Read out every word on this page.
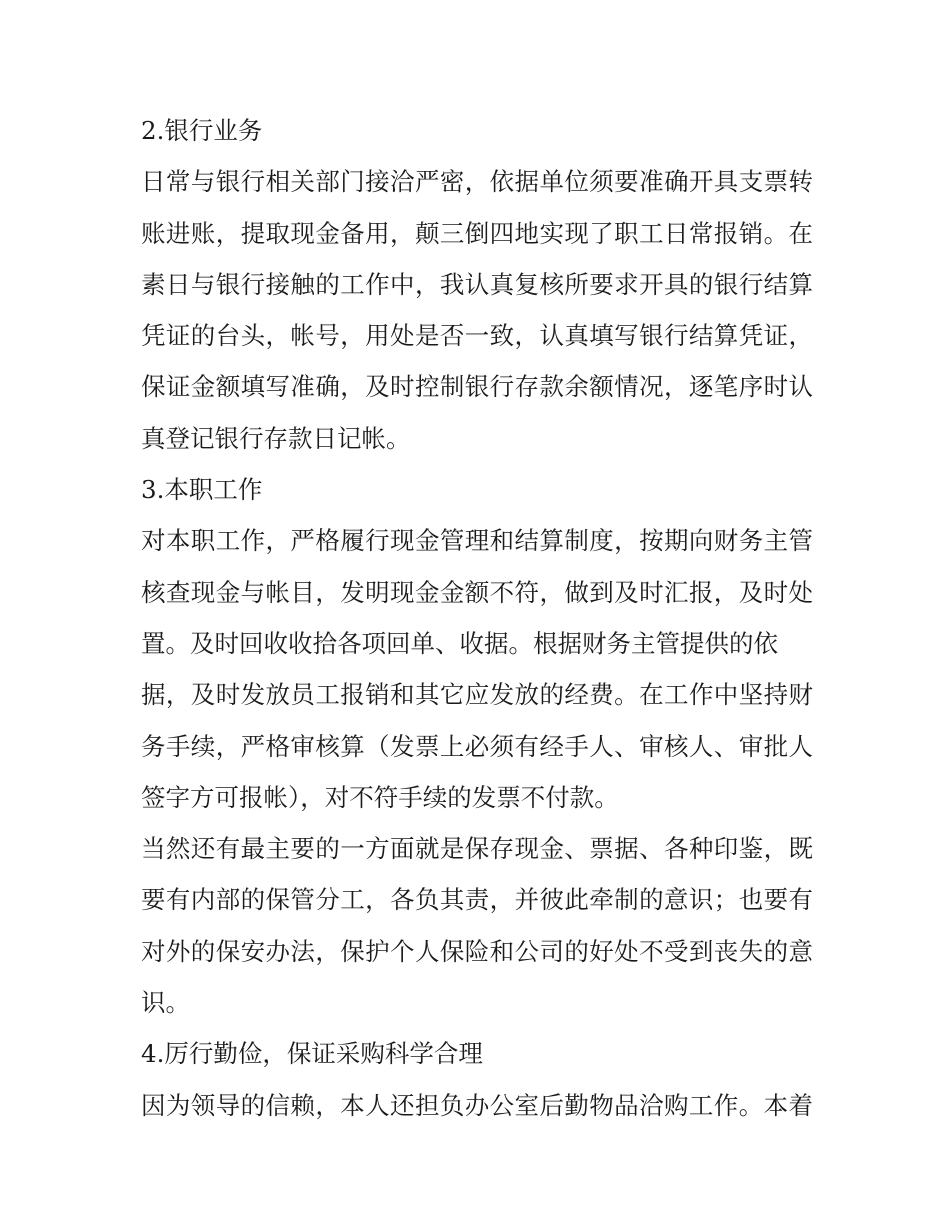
2.银行业务
日常与银行相关部门接洽严密，依据单位须要准确开具支票转
账进账，提取现金备用，颠三倒四地实现了职工日常报销。在
素日与银行接触的工作中，我认真复核所要求开具的银行结算
凭证的台头，帐号，用处是否一致，认真填写银行结算凭证，
保证金额填写准确，及时控制银行存款余额情况，逐笔序时认
真登记银行存款日记帐。
3.本职工作
对本职工作，严格履行现金管理和结算制度，按期向财务主管
核查现金与帐目，发明现金金额不符，做到及时汇报，及时处
置。及时回收收拾各项回单、收据。根据财务主管提供的依
据，及时发放员工报销和其它应发放的经费。在工作中坚持财
务手续，严格审核算（发票上必须有经手人、审核人、审批人
签字方可报帐），对不符手续的发票不付款。
当然还有最主要的一方面就是保存现金、票据、各种印鉴，既
要有内部的保管分工，各负其责，并彼此牵制的意识；也要有
对外的保安办法，保护个人保险和公司的好处不受到丧失的意
识。
4.厉行勤俭，保证采购科学合理
因为领导的信赖，本人还担负办公室后勤物品洽购工作。本着
